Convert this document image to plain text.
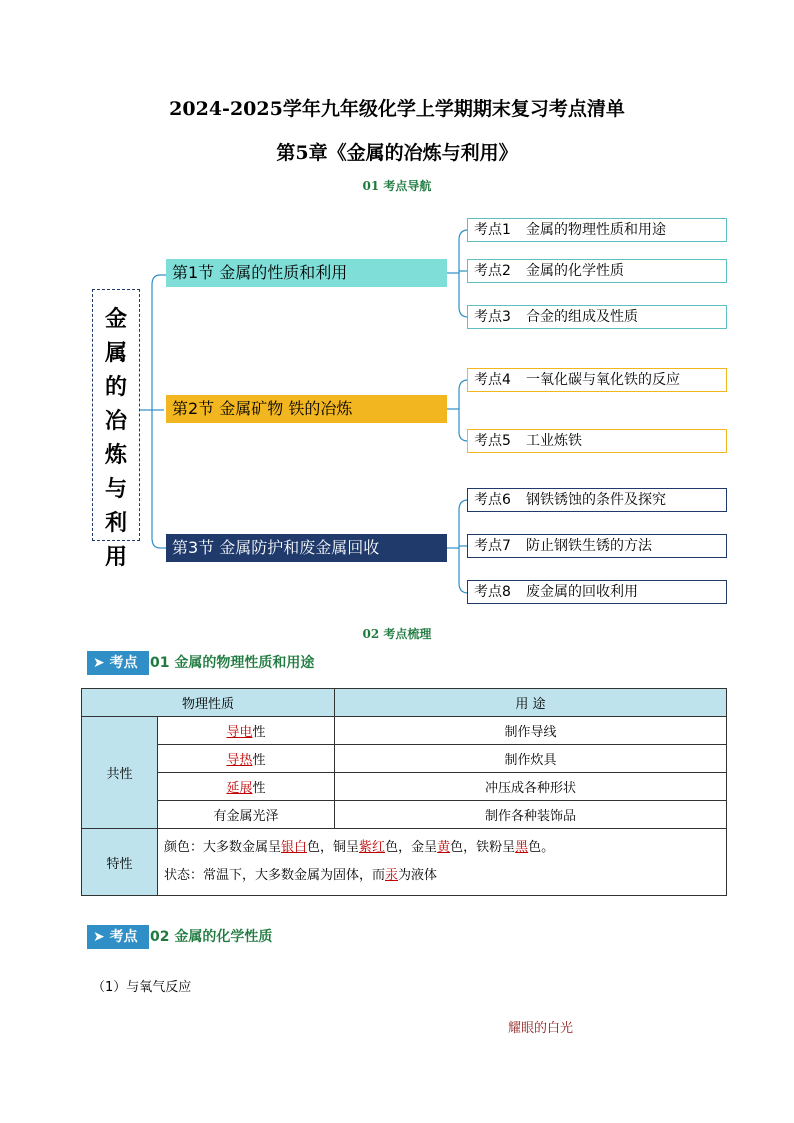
2024-2025学年九年级化学上学期期末复习考点清单
第5章《金属的冶炼与利用》
01 考点导航
金属的冶炼与利用
第1节 金属的性质和利用
第2节 金属矿物 铁的冶炼
第3节 金属防护和废金属回收
考点1 金属的物理性质和用途
考点2 金属的化学性质
考点3 合金的组成及性质
考点4 一氧化碳与氧化铁的反应
考点5 工业炼铁
考点6 钢铁锈蚀的条件及探究
考点7 防止钢铁生锈的方法
考点8 废金属的回收利用
02 考点梳理
➤ 考点 01 金属的物理性质和用途
物理性质		用 途
共性	导电性	制作导线
	导热性	制作炊具
	延展性	冲压成各种形状
	有金属光泽	制作各种装饰品
特性	颜色：大多数金属呈银白色，铜呈紫红色，金呈黄色，铁粉呈黑色。
状态：常温下，大多数金属为固体，而汞为液体	
➤ 考点 02 金属的化学性质
（1）与氧气反应
耀眼的白光
